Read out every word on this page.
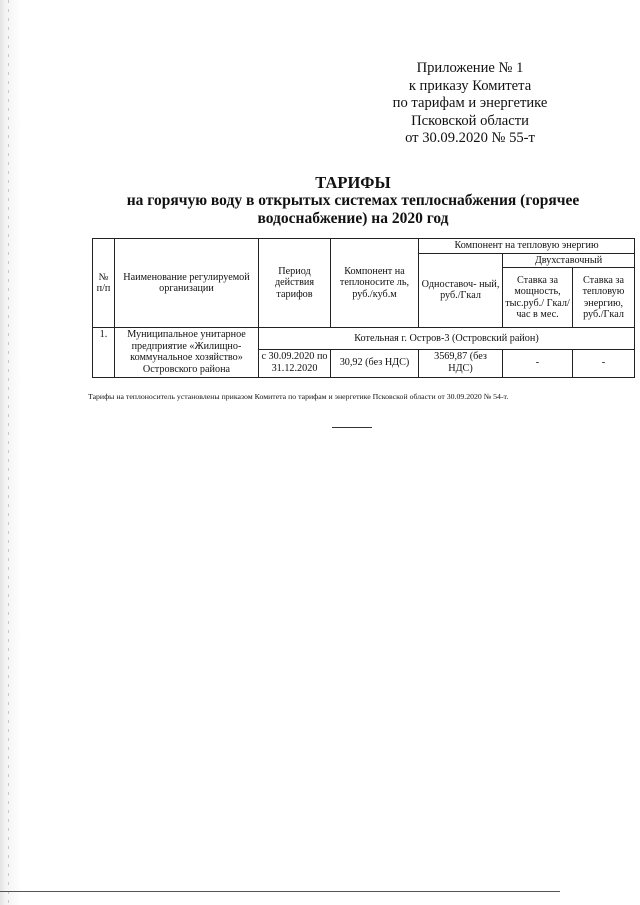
Приложение № 1
к приказу Комитета
по тарифам и энергетике
Псковской области
от 30.09.2020 № 55-т
ТАРИФЫ
на горячую воду в открытых системах теплоснабжения (горячее
водоснабжение) на 2020 год
№ п/п	Наименование регулируемой организации	Период действия тарифов	Компонент на теплоносите ль, руб./куб.м	Компонент на тепловую энергию		
				Одноставоч- ный, руб./Гкал	Двухставочный	
					Ставка за мощность, тыс.руб./ Гкал/час в мес.	Ставка за тепловую энергию, руб./Гкал
1.	Муниципальное унитарное предприятие «Жилищно-коммунальное хозяйство» Островского района	Котельная г. Остров-3 (Островский район)				
		с 30.09.2020 по 31.12.2020	30,92 (без НДС)	3569,87 (без НДС)	-	-
Тарифы на теплоноситель установлены приказом Комитета по тарифам и энергетике Псковской области от 30.09.2020 № 54-т.
